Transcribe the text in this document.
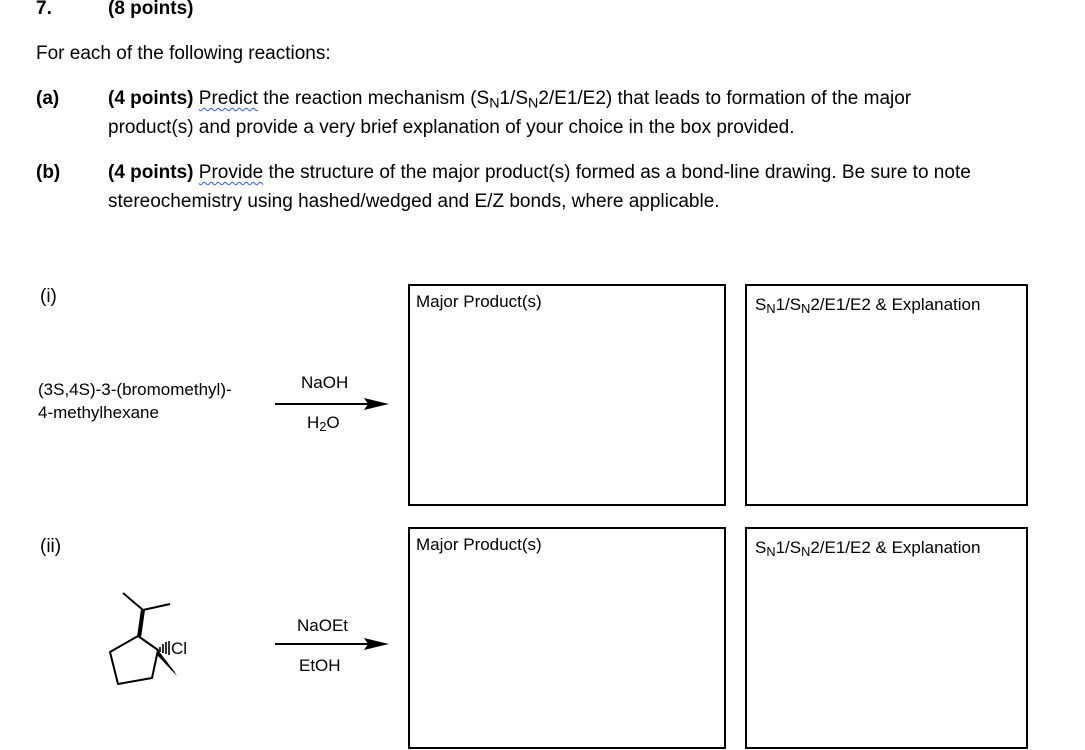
7.	(8 points)
For each of the following reactions:
(a)	(4 points) Predict the reaction mechanism $(S_N1/S_N2/E1/E2)$ that leads to formation of the major
product(s) and provide a very brief explanation of your choice in the box provided.
(b)	(4 points) Provide the structure of the major product(s) formed as a bond-line drawing. Be sure to note
stereochemistry using hashed/wedged and E/Z bonds, where applicable.
(i)
(3S,4S)-3-(bromomethyl)-
4-methylhexane
NaOH
$H_2O$
Major Product(s)	$S_N1/S_N2/E1/E2$ & Explanation
(ii)
Cl
NaOEt
EtOH
Major Product(s)	$S_N1/S_N2/E1/E2$ & Explanation
